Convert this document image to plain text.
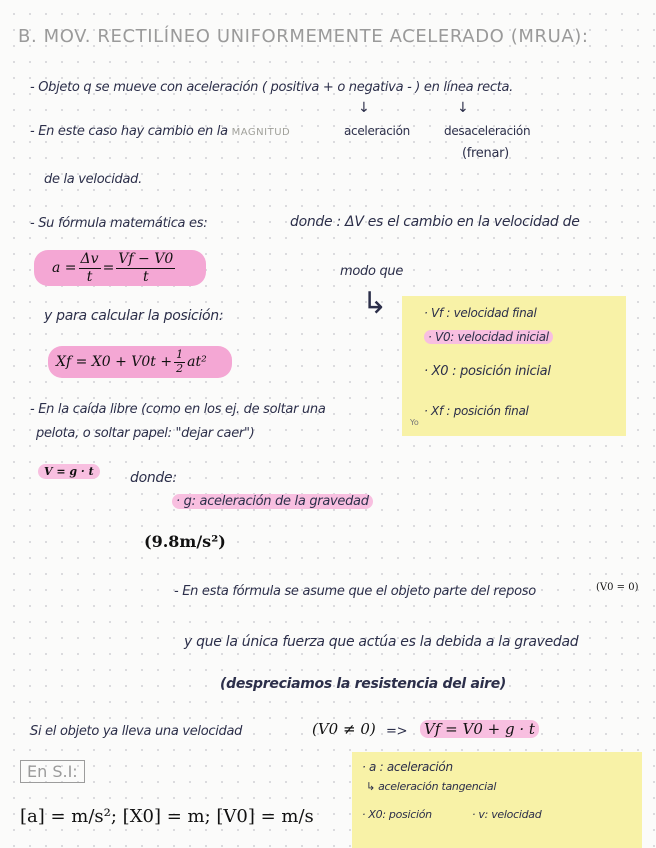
B. MOV. RECTILÍNEO UNIFORMEMENTE ACELERADO (MRUA):
- Objeto q se mueve con aceleración ( positiva + o negativa - ) en línea recta.
↓	↓
- En este caso hay cambio en la MAGNITUD	aceleración	desaceleración
(frenar)
de la velocidad.
- Su fórmula matemática es:	donde : ΔV es el cambio en la velocidad de
modo que
↳
$a = \frac{\Delta v}{t} = \frac{Vf - V0}{t}$
· Vf : velocidad final
· V0: velocidad inicial
· X0 : posición inicial
· Xf : posición final
Yo
y para calcular la posición:
$Xf = X0 + V0t + \frac{1}{2} at^2$
- En la caída libre (como en los ej. de soltar una
pelota, o soltar papel: "dejar caer")
V = g · t	donde:
· g: aceleración de la gravedad
(9.8m/s²)
- En esta fórmula se asume que el objeto parte del reposo	(V0 = 0)
y que la única fuerza que actúa es la debida a la gravedad
(despreciamos la resistencia del aire)
Si el objeto ya lleva una velocidad	(V0 ≠ 0) => Vf = V0 + g · t
En S.I:
[a] = m/s²; [X0] = m; [V0] = m/s
· a : aceleración
↳ aceleración tangencial
· X0: posición	· v: velocidad
